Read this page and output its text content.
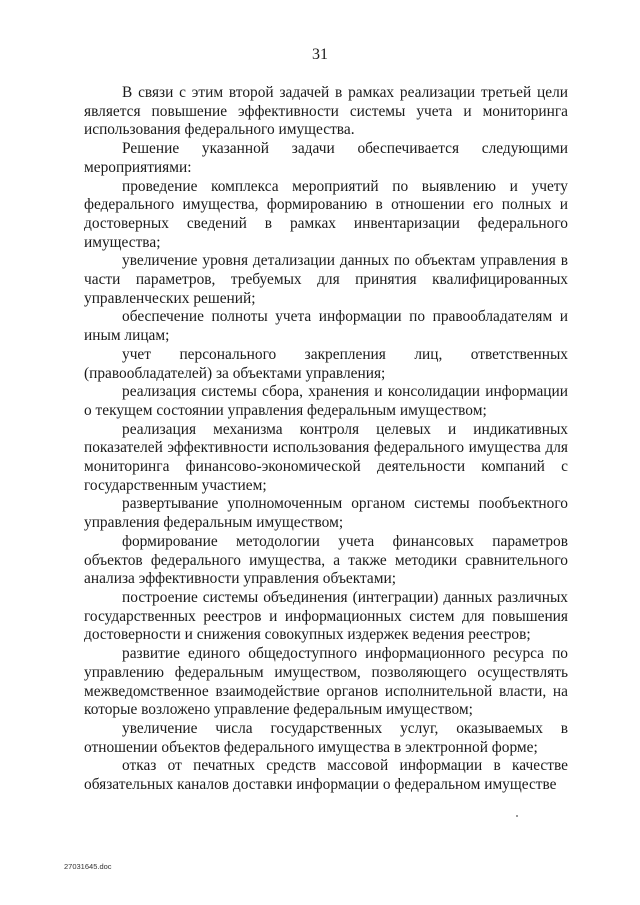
31

В связи с этим второй задачей в рамках реализации третьей цели является повышение эффективности системы учета и мониторинга использования федерального имущества.

Решение указанной задачи обеспечивается следующими мероприятиями:

проведение комплекса мероприятий по выявлению и учету федерального имущества, формированию в отношении его полных и достоверных сведений в рамках инвентаризации федерального имущества;

увеличение уровня детализации данных по объектам управления в части параметров, требуемых для принятия квалифицированных управленческих решений;

обеспечение полноты учета информации по правообладателям и иным лицам;

учет персонального закрепления лиц, ответственных (правообладателей) за объектами управления;

реализация системы сбора, хранения и консолидации информации о текущем состоянии управления федеральным имуществом;

реализация механизма контроля целевых и индикативных показателей эффективности использования федерального имущества для мониторинга финансово-экономической деятельности компаний с государственным участием;

развертывание уполномоченным органом системы пообъектного управления федеральным имуществом;

формирование методологии учета финансовых параметров объектов федерального имущества, а также методики сравнительного анализа эффективности управления объектами;

построение системы объединения (интеграции) данных различных государственных реестров и информационных систем для повышения достоверности и снижения совокупных издержек ведения реестров;

развитие единого общедоступного информационного ресурса по управлению федеральным имуществом, позволяющего осуществлять межведомственное взаимодействие органов исполнительной власти, на которые возложено управление федеральным имуществом;

увеличение числа государственных услуг, оказываемых в отношении объектов федерального имущества в электронной форме;

отказ от печатных средств массовой информации в качестве обязательных каналов доставки информации о федеральном имуществе

27031645.doc
